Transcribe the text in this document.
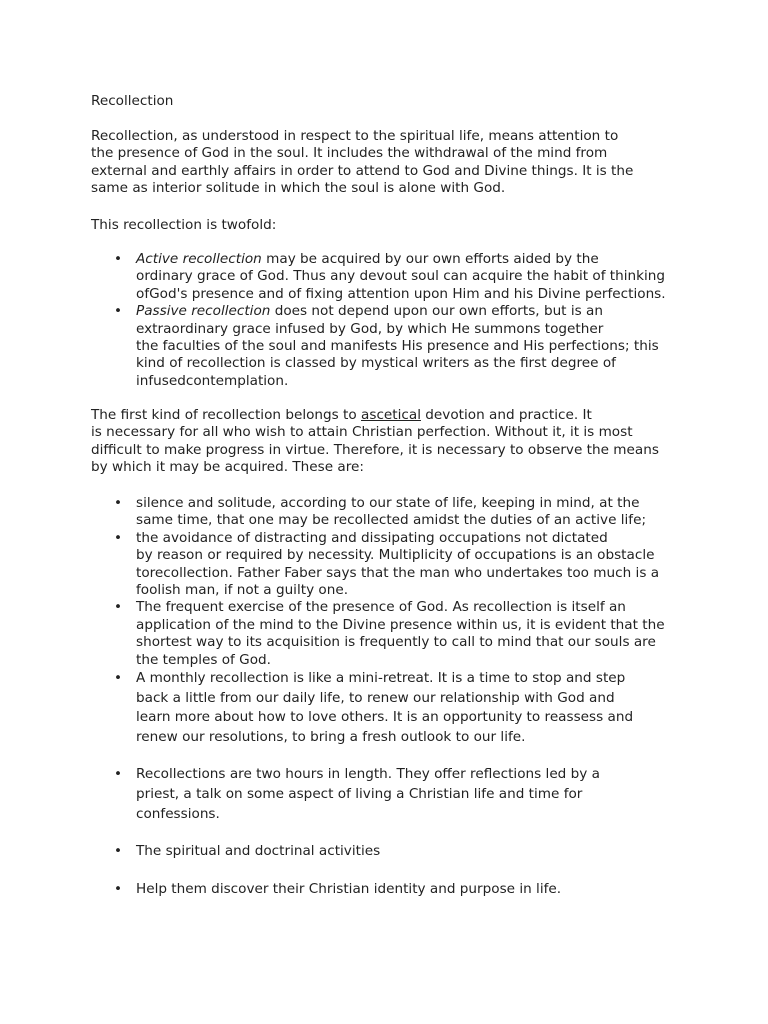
Recollection

Recollection, as understood in respect to the spiritual life, means attention to
the presence of God in the soul. It includes the withdrawal of the mind from
external and earthly affairs in order to attend to God and Divine things. It is the
same as interior solitude in which the soul is alone with God.

This recollection is twofold:

• Active recollection may be acquired by our own efforts aided by the
ordinary grace of God. Thus any devout soul can acquire the habit of thinking
ofGod's presence and of fixing attention upon Him and his Divine perfections.
• Passive recollection does not depend upon our own efforts, but is an
extraordinary grace infused by God, by which He summons together
the faculties of the soul and manifests His presence and His perfections; this
kind of recollection is classed by mystical writers as the first degree of
infusedcontemplation.

The first kind of recollection belongs to ascetical devotion and practice. It
is necessary for all who wish to attain Christian perfection. Without it, it is most
difficult to make progress in virtue. Therefore, it is necessary to observe the means
by which it may be acquired. These are:

• silence and solitude, according to our state of life, keeping in mind, at the
same time, that one may be recollected amidst the duties of an active life;
• the avoidance of distracting and dissipating occupations not dictated
by reason or required by necessity. Multiplicity of occupations is an obstacle
torecollection. Father Faber says that the man who undertakes too much is a
foolish man, if not a guilty one.
• The frequent exercise of the presence of God. As recollection is itself an
application of the mind to the Divine presence within us, it is evident that the
shortest way to its acquisition is frequently to call to mind that our souls are
the temples of God.
• A monthly recollection is like a mini-retreat. It is a time to stop and step
back a little from our daily life, to renew our relationship with God and
learn more about how to love others. It is an opportunity to reassess and
renew our resolutions, to bring a fresh outlook to our life.
• Recollections are two hours in length. They offer reflections led by a
priest, a talk on some aspect of living a Christian life and time for
confessions.
• The spiritual and doctrinal activities
• Help them discover their Christian identity and purpose in life.
